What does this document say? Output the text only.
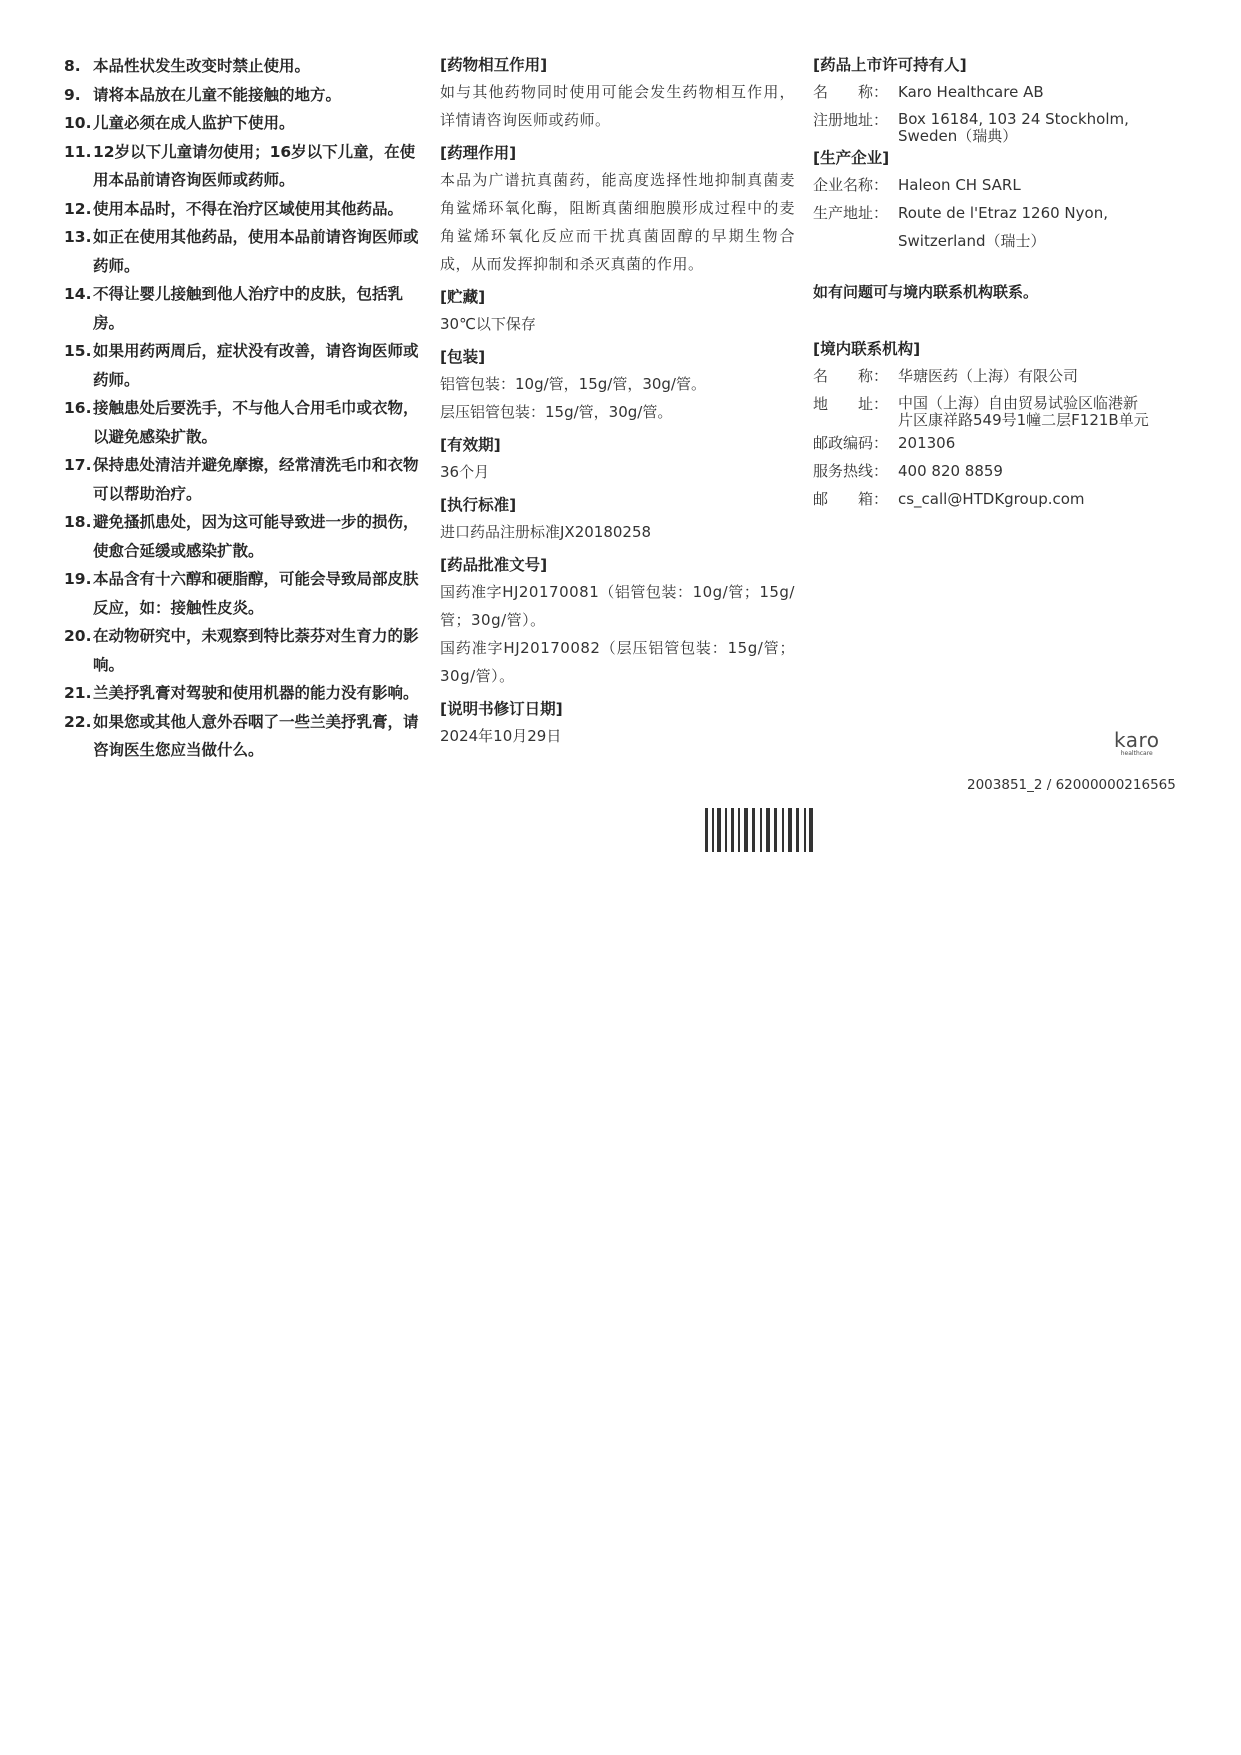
8. 本品性状发生改变时禁止使用。
9. 请将本品放在儿童不能接触的地方。
10. 儿童必须在成人监护下使用。
11. 12岁以下儿童请勿使用；16岁以下儿童，在使用本品前请咨询医师或药师。
12. 使用本品时，不得在治疗区域使用其他药品。
13. 如正在使用其他药品，使用本品前请咨询医师或药师。
14. 不得让婴儿接触到他人治疗中的皮肤，包括乳房。
15. 如果用药两周后，症状没有改善，请咨询医师或药师。
16. 接触患处后要洗手，不与他人合用毛巾或衣物，以避免感染扩散。
17. 保持患处清洁并避免摩擦，经常清洗毛巾和衣物可以帮助治疗。
18. 避免搔抓患处，因为这可能导致进一步的损伤，使愈合延缓或感染扩散。
19. 本品含有十六醇和硬脂醇，可能会导致局部皮肤反应，如：接触性皮炎。
20. 在动物研究中，未观察到特比萘芬对生育力的影响。
21. 兰美抒乳膏对驾驶和使用机器的能力没有影响。
22. 如果您或其他人意外吞咽了一些兰美抒乳膏，请咨询医生您应当做什么。
[药物相互作用]
如与其他药物同时使用可能会发生药物相互作用，详情请咨询医师或药师。
[药理作用]
本品为广谱抗真菌药，能高度选择性地抑制真菌麦角鲨烯环氧化酶，阻断真菌细胞膜形成过程中的麦角鲨烯环氧化反应而干扰真菌固醇的早期生物合成，从而发挥抑制和杀灭真菌的作用。
[贮藏]
30℃以下保存
[包装]
铝管包装：10g/管，15g/管，30g/管。
层压铝管包装：15g/管，30g/管。
[有效期]
36个月
[执行标准]
进口药品注册标准JX20180258
[药品批准文号]
国药准字HJ20170081（铝管包装：10g/管；15g/管；30g/管）。
国药准字HJ20170082（层压铝管包装：15g/管；30g/管）。
[说明书修订日期]
2024年10月29日
[药品上市许可持有人]
名　　称： Karo Healthcare AB
注册地址： Box 16184, 103 24 Stockholm,
Sweden（瑞典）
[生产企业]
企业名称： Haleon CH SARL
生产地址： Route de l'Etraz 1260 Nyon,
Switzerland（瑞士）
如有问题可与境内联系机构联系。
[境内联系机构]
名　　称： 华瑭医药（上海）有限公司
地　　址： 中国（上海）自由贸易试验区临港新
片区康祥路549号1幢二层F121B单元
邮政编码： 201306
服务热线： 400 820 8859
邮　　箱： cs_call@HTDKgroup.com
karo
healthcare
2003851_2 / 62000000216565
